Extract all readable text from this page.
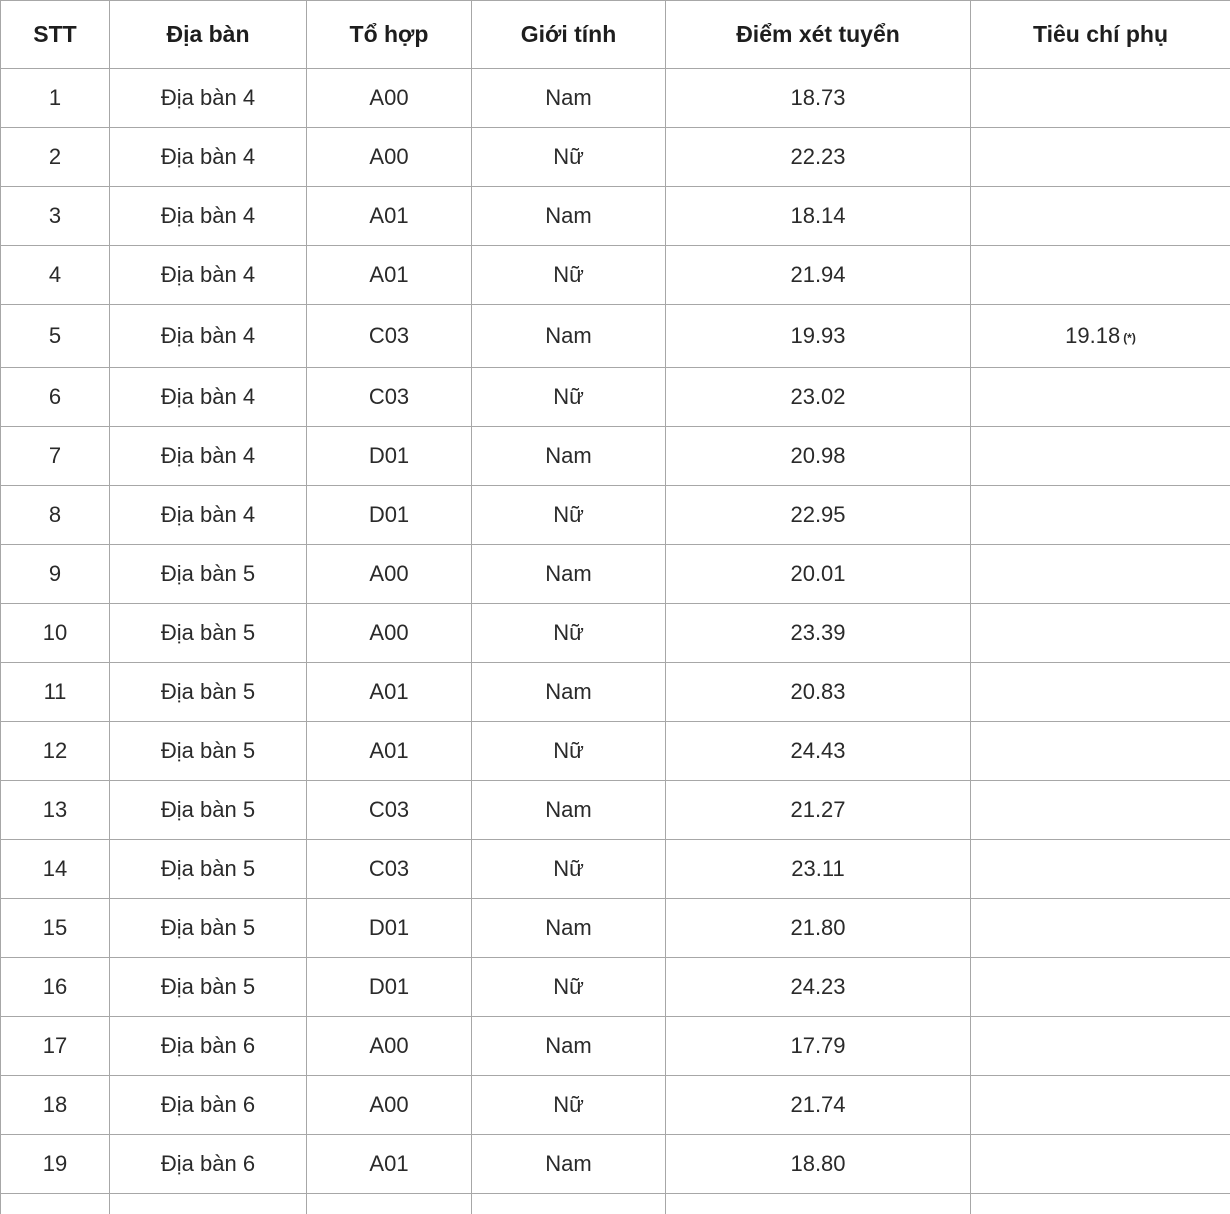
STT	Địa bàn	Tổ hợp	Giới tính	Điểm xét tuyển	Tiêu chí phụ
1	Địa bàn 4	A00	Nam	18.73	
2	Địa bàn 4	A00	Nữ	22.23	
3	Địa bàn 4	A01	Nam	18.14	
4	Địa bàn 4	A01	Nữ	21.94	
5	Địa bàn 4	C03	Nam	19.93	19.18 (*)
6	Địa bàn 4	C03	Nữ	23.02	
7	Địa bàn 4	D01	Nam	20.98	
8	Địa bàn 4	D01	Nữ	22.95	
9	Địa bàn 5	A00	Nam	20.01	
10	Địa bàn 5	A00	Nữ	23.39	
11	Địa bàn 5	A01	Nam	20.83	
12	Địa bàn 5	A01	Nữ	24.43	
13	Địa bàn 5	C03	Nam	21.27	
14	Địa bàn 5	C03	Nữ	23.11	
15	Địa bàn 5	D01	Nam	21.80	
16	Địa bàn 5	D01	Nữ	24.23	
17	Địa bàn 6	A00	Nam	17.79	
18	Địa bàn 6	A00	Nữ	21.74	
19	Địa bàn 6	A01	Nam	18.80	
